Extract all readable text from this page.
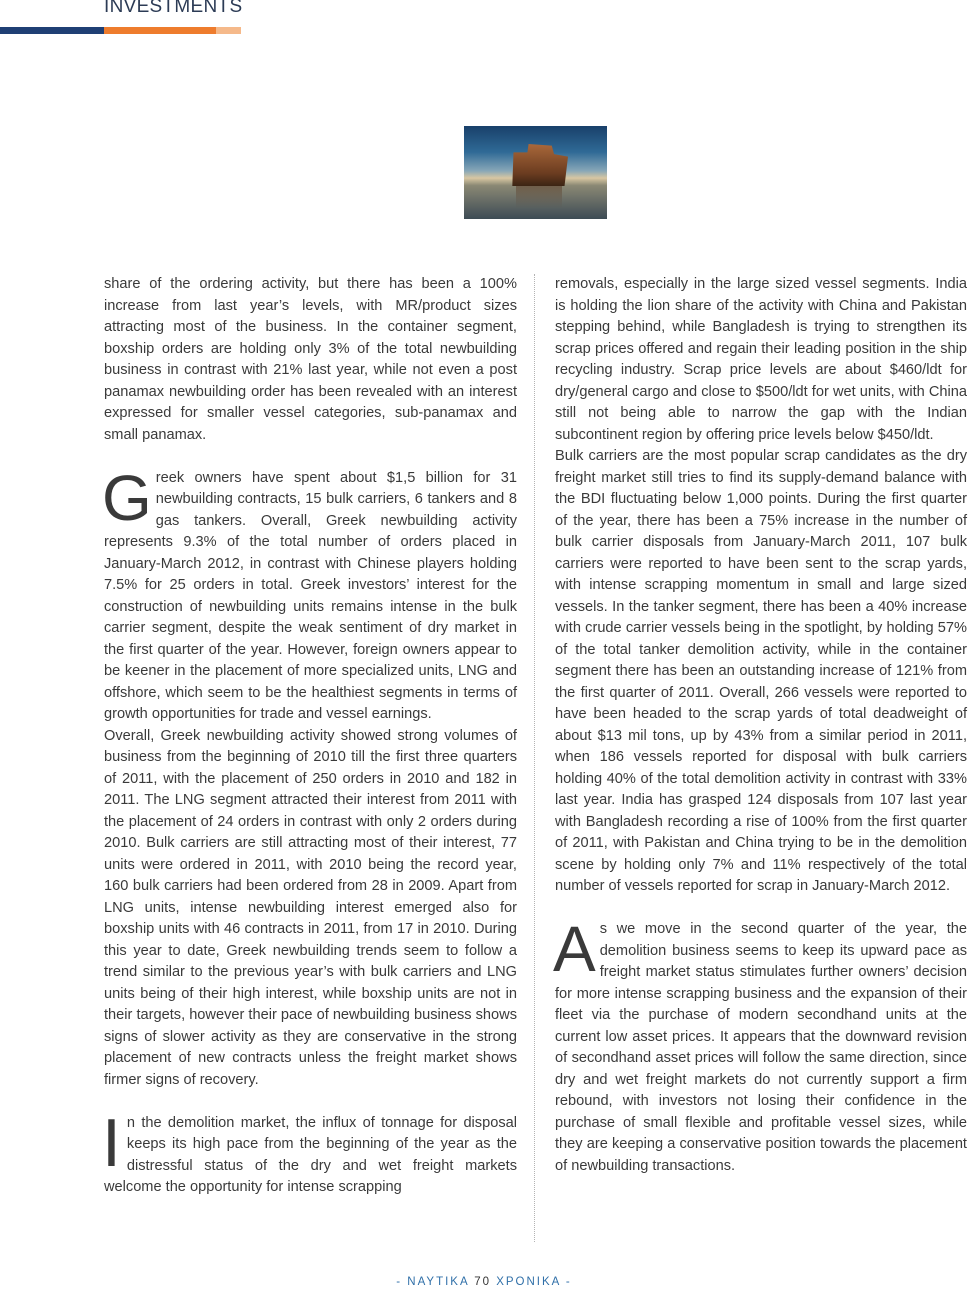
INVESTMENTS

share of the ordering activity, but there has been a 100% increase from last year’s levels, with MR/product sizes attracting most of the business. In the container segment, boxship orders are holding only 3% of the total newbuilding business in contrast with 21% last year, while not even a post panamax newbuilding order has been revealed with an interest expressed for smaller vessel categories, sub-panamax and small panamax.

Greek owners have spent about $1,5 billion for 31 newbuilding contracts, 15 bulk carriers, 6 tankers and 8 gas tankers. Overall, Greek newbuilding activity represents 9.3% of the total number of orders placed in January-March 2012, in contrast with Chinese players holding 7.5% for 25 orders in total. Greek investors’ interest for the construction of newbuilding units remains intense in the bulk carrier segment, despite the weak sentiment of dry market in the first quarter of the year. However, foreign owners appear to be keener in the placement of more specialized units, LNG and offshore, which seem to be the healthiest segments in terms of growth opportunities for trade and vessel earnings.

Overall, Greek newbuilding activity showed strong volumes of business from the beginning of 2010 till the first three quarters of 2011, with the placement of 250 orders in 2010 and 182 in 2011. The LNG segment attracted their interest from 2011 with the placement of 24 orders in contrast with only 2 orders during 2010. Bulk carriers are still attracting most of their interest, 77 units were ordered in 2011, with 2010 being the record year, 160 bulk carriers had been ordered from 28 in 2009. Apart from LNG units, intense newbuilding interest emerged also for boxship units with 46 contracts in 2011, from 17 in 2010. During this year to date, Greek newbuilding trends seem to follow a trend similar to the previous year’s with bulk carriers and LNG units being of their high interest, while boxship units are not in their targets, however their pace of newbuilding business shows signs of slower activity as they are conservative in the strong placement of new contracts unless the freight market shows firmer signs of recovery.

In the demolition market, the influx of tonnage for disposal keeps its high pace from the beginning of the year as the distressful status of the dry and wet freight markets welcome the opportunity for intense scrapping

removals, especially in the large sized vessel segments. India is holding the lion share of the activity with China and Pakistan stepping behind, while Bangladesh is trying to strengthen its scrap prices offered and regain their leading position in the ship recycling industry. Scrap price levels are about $460/ldt for dry/general cargo and close to $500/ldt for wet units, with China still not being able to narrow the gap with the Indian subcontinent region by offering price levels below $450/ldt.

Bulk carriers are the most popular scrap candidates as the dry freight market still tries to find its supply-demand balance with the BDI fluctuating below 1,000 points. During the first quarter of the year, there has been a 75% increase in the number of bulk carrier disposals from January-March 2011, 107 bulk carriers were reported to have been sent to the scrap yards, with intense scrapping momentum in small and large sized vessels. In the tanker segment, there has been a 40% increase with crude carrier vessels being in the spotlight, by holding 57% of the total tanker demolition activity, while in the container segment there has been an outstanding increase of 121% from the first quarter of 2011. Overall, 266 vessels were reported to have been headed to the scrap yards of total deadweight of about $13 mil tons, up by 43% from a similar period in 2011, when 186 vessels reported for disposal with bulk carriers holding 40% of the total demolition activity in contrast with 33% last year. India has grasped 124 disposals from 107 last year with Bangladesh recording a rise of 100% from the first quarter of 2011, with Pakistan and China trying to be in the demolition scene by holding only 7% and 11% respectively of the total number of vessels reported for scrap in January-March 2012.

As we move in the second quarter of the year, the demolition business seems to keep its upward pace as freight market status stimulates further owners’ decision for more intense scrapping business and the expansion of their fleet via the purchase of modern secondhand units at the current low asset prices. It appears that the downward revision of secondhand asset prices will follow the same direction, since dry and wet freight markets do not currently support a firm rebound, with investors not losing their confidence in the purchase of small flexible and profitable vessel sizes, while they are keeping a conservative position towards the placement of newbuilding transactions.

- ΝΑΥΤΙΚΑ 70 ΧΡΟΝΙΚΑ -
